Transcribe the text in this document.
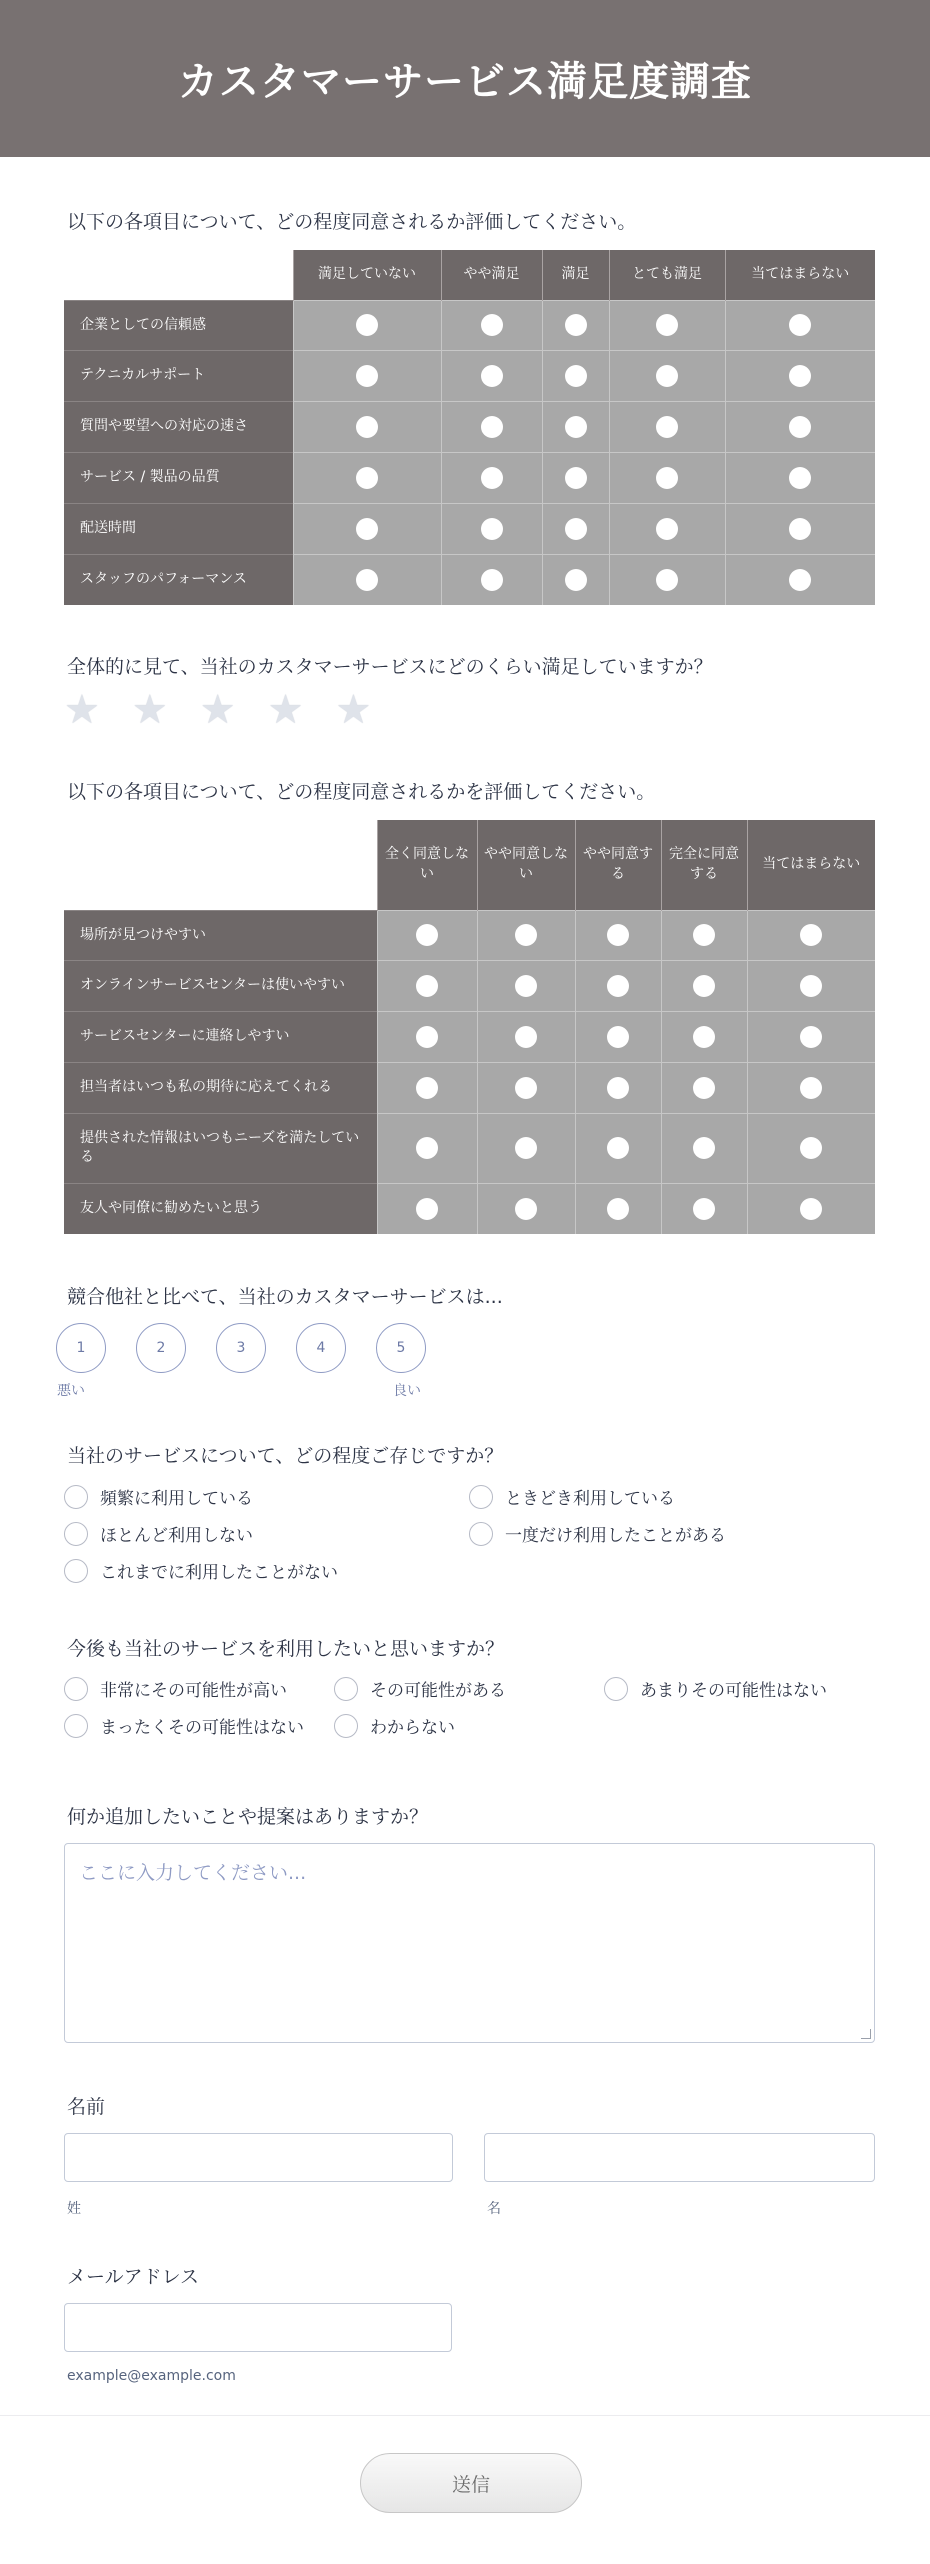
カスタマーサービス満足度調査
以下の各項目について、どの程度同意されるか評価してください。
	満足していない	やや満足	満足	とても満足	当てはまらない
企業としての信頼感					
テクニカルサポート					
質問や要望への対応の速さ					
サービス / 製品の品質					
配送時間					
スタッフのパフォーマンス					
全体的に見て、当社のカスタマーサービスにどのくらい満足していますか？
★ ★ ★ ★ ★
以下の各項目について、どの程度同意されるかを評価してください。
	全く同意しない	やや同意しない	やや同意する	完全に同意する	当てはまらない
場所が見つけやすい					
オンラインサービスセンターは使いやすい					
サービスセンターに連絡しやすい					
担当者はいつも私の期待に応えてくれる					
提供された情報はいつもニーズを満たしている					
友人や同僚に勧めたいと思う					
競合他社と比べて、当社のカスタマーサービスは...
1	2	3	4	5
悪い	良い
当社のサービスについて、どの程度ご存じですか？
頻繁に利用している	ときどき利用している
ほとんど利用しない	一度だけ利用したことがある
これまでに利用したことがない
今後も当社のサービスを利用したいと思いますか？
非常にその可能性が高い	その可能性がある	あまりその可能性はない
まったくその可能性はない	わからない
何か追加したいことや提案はありますか？
ここに入力してください...
名前
姓	名
メールアドレス
example@example.com
送信
